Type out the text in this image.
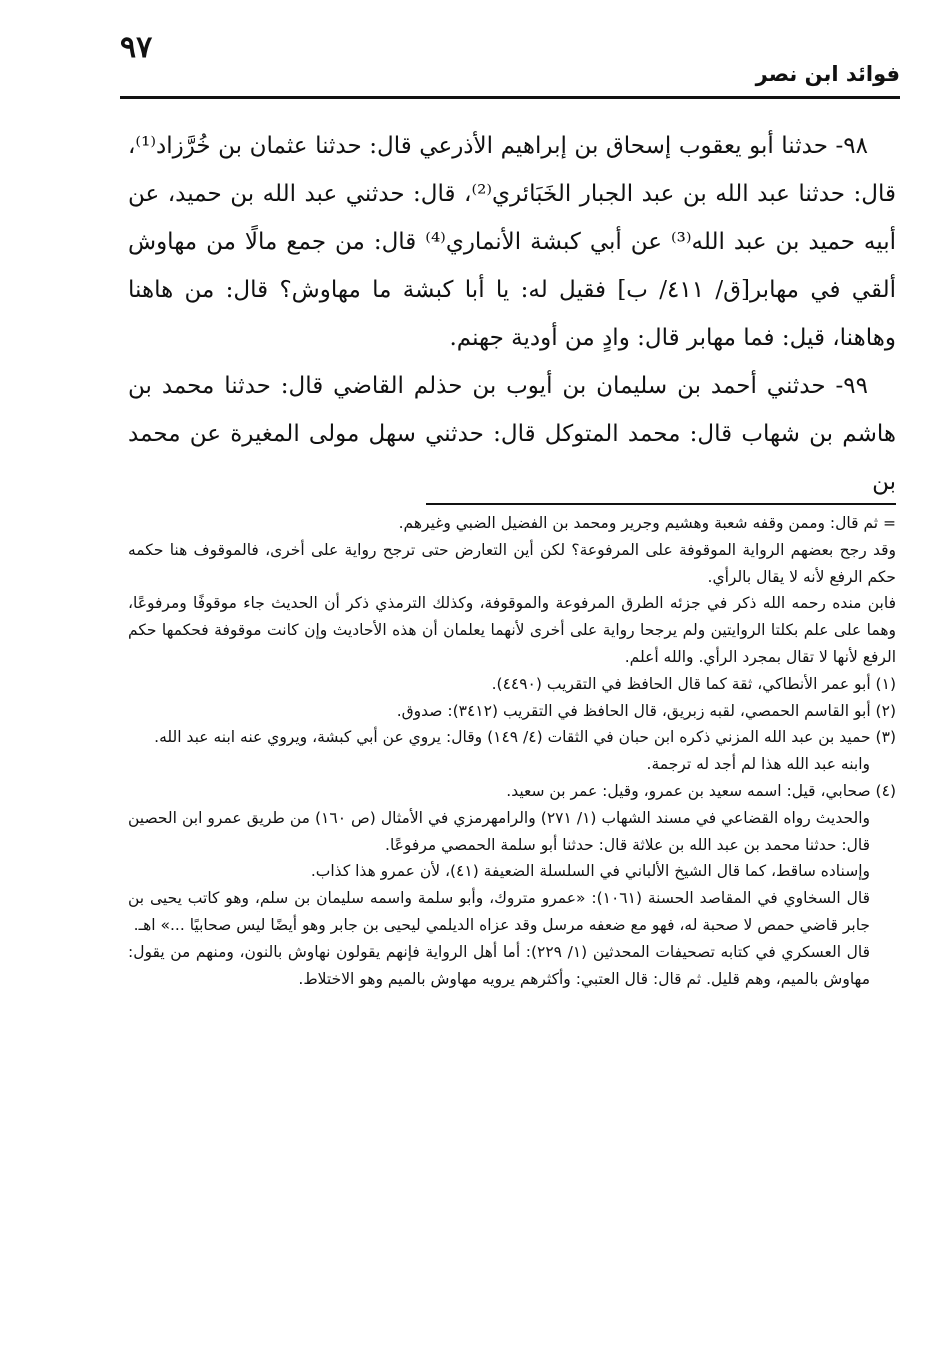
٩٧
فوائد ابن نصر

٩٨- حدثنا أبو يعقوب إسحاق بن إبراهيم الأذرعي قال: حدثنا عثمان بن خُرَّزاد⁽¹⁾، قال: حدثنا عبد الله بن عبد الجبار الخَبَائري⁽²⁾، قال: حدثني عبد الله بن حميد، عن أبيه حميد بن عبد الله⁽³⁾ عن أبي كبشة الأنماري⁽⁴⁾ قال: من جمع مالًا من مهاوش ألقي في مهابر[ق/ ٤١١/ ب] فقيل له: يا أبا كبشة ما مهاوش؟ قال: من هاهنا وهاهنا، قيل: فما مهابر قال: وادٍ من أودية جهنم.

٩٩- حدثني أحمد بن سليمان بن أيوب بن حذلم القاضي قال: حدثنا محمد بن هاشم بن شهاب قال: محمد المتوكل قال: حدثني سهل مولى المغيرة عن محمد بن

= ثم قال: وممن وقفه شعبة وهشيم وجرير ومحمد بن الفضيل الضبي وغيرهم.

وقد رجح بعضهم الرواية الموقوفة على المرفوعة؟ لكن أين التعارض حتى ترجح رواية على أخرى، فالموقوف هنا حكمه حكم الرفع لأنه لا يقال بالرأي.

فابن منده رحمه الله ذكر في جزئه الطرق المرفوعة والموقوفة، وكذلك الترمذي ذكر أن الحديث جاء موقوفًا ومرفوعًا، وهما على علم بكلتا الروايتين ولم يرجحا رواية على أخرى لأنهما يعلمان أن هذه الأحاديث وإن كانت موقوفة فحكمها حكم الرفع لأنها لا تقال بمجرد الرأي. والله أعلم.

(١) أبو عمر الأنطاكي، ثقة كما قال الحافظ في التقريب (٤٤٩٠).

(٢) أبو القاسم الحمصي، لقبه زبريق، قال الحافظ في التقريب (٣٤١٢): صدوق.

(٣) حميد بن عبد الله المزني ذكره ابن حبان في الثقات (٤/ ١٤٩) وقال: يروي عن أبي كبشة، ويروي عنه ابنه عبد الله.

وابنه عبد الله هذا لم أجد له ترجمة.

(٤) صحابي، قيل: اسمه سعيد بن عمرو، وقيل: عمر بن سعيد.

والحديث رواه القضاعي في مسند الشهاب (١/ ٢٧١) والرامهرمزي في الأمثال (ص ١٦٠) من طريق عمرو ابن الحصين قال: حدثنا محمد بن عبد الله بن علاثة قال: حدثنا أبو سلمة الحمصي مرفوعًا.

وإسناده ساقط، كما قال الشيخ الألباني في السلسلة الضعيفة (٤١)، لأن عمرو هذا كذاب.

قال السخاوي في المقاصد الحسنة (١٠٦١): «عمرو متروك، وأبو سلمة واسمه سليمان بن سلم، وهو كاتب يحيى بن جابر قاضي حمص لا صحبة له، فهو مع ضعفه مرسل وقد عزاه الديلمي ليحيى بن جابر وهو أيضًا ليس صحابيًا ...» اهـ.

قال العسكري في كتابه تصحيفات المحدثين (١/ ٢٢٩): أما أهل الرواية فإنهم يقولون نهاوش بالنون، ومنهم من يقول: مهاوش بالميم، وهم قليل. ثم قال: قال العتبي: وأكثرهم يرويه مهاوش بالميم وهو الاختلاط.
